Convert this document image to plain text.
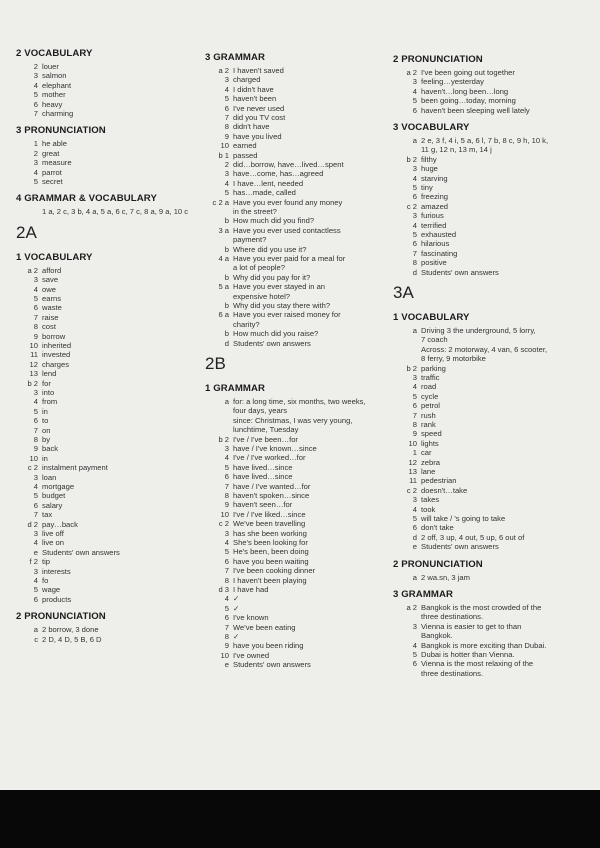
2 VOCABULARY
2 louer
3 salmon
4 elephant
5 mother
6 heavy
7 charming
3 PRONUNCIATION
1 he able
2 great
3 measure
4 parrot
5 secret
4 GRAMMAR & VOCABULARY
1 a, 2 c, 3 b, 4 a, 5 a, 6 c, 7 c, 8 a, 9 a, 10 c
2A
1 VOCABULARY
a 2 afford
3 save
4 owe
5 earns
6 waste
7 raise
8 cost
9 borrow
10 inherited
11 invested
12 charges
13 lend
b 2 for
3 into
4 from
5 in
6 to
7 on
8 by
9 back
10 in
c 2 instalment payment
3 loan
4 mortgage
5 budget
6 salary
7 tax
d 2 pay…back
3 live off
4 live on
e Students' own answers
f 2 tip
3 interests
4 fo
5 wage
6 products
2 PRONUNCIATION
a 2 borrow, 3 done
c 2 D, 4 D, 5 B, 6 D
3 GRAMMAR
a 2 I haven't saved
3 charged
4 I didn't have
5 haven't been
6 I've never used
7 did you TV cost
8 didn't have
9 have you lived
10 earned
b 1 passed
2 did…borrow, have…lived…spent
3 have…come, has…agreed
4 I have…lent, needed
5 has…made, called
c 2 a Have you ever found any money
in the street?
b How much did you find?
3 a Have you ever used contactless
payment?
b Where did you use it?
4 a Have you ever paid for a meal for
a lot of people?
b Why did you pay for it?
5 a Have you ever stayed in an
expensive hotel?
b Why did you stay there with?
6 a Have you ever raised money for
charity?
b How much did you raise?
d Students' own answers
2B
1 GRAMMAR
a for: a long time, six months, two weeks,
four days, years
since: Christmas, I was very young,
lunchtime, Tuesday
b 2 I've / I've been…for
3 have / I've known…since
4 I've / I've worked…for
5 have lived…since
6 have lived…since
7 have / I've wanted…for
8 haven't spoken…since
9 haven't seen…for
10 I've / I've liked…since
c 2 We've been travelling
3 has she been working
4 She's been looking for
5 He's been, been doing
6 have you been waiting
7 I've been cooking dinner
8 I haven't been playing
d 3 I have had
4 ✓
5 ✓
6 I've known
7 We've been eating
8 ✓
9 have you been riding
10 I've owned
e Students' own answers
2 PRONUNCIATION
a 2 I've been going out together
3 feeling…yesterday
4 haven't…long been…long
5 been going…today, morning
6 haven't been sleeping well lately
3 VOCABULARY
a 2 e, 3 f, 4 i, 5 a, 6 l, 7 b, 8 c, 9 h, 10 k,
11 g, 12 n, 13 m, 14 j
b 2 filthy
3 huge
4 starving
5 tiny
6 freezing
c 2 amazed
3 furious
4 terrified
5 exhausted
6 hilarious
7 fascinating
8 positive
d Students' own answers
3A
1 VOCABULARY
a Driving 3 the underground, 5 lorry,
7 coach
Across: 2 motorway, 4 van, 6 scooter,
8 ferry, 9 motorbike
b 2 parking
3 traffic
4 road
5 cycle
6 petrol
7 rush
8 rank
9 speed
10 lights
1 car
12 zebra
13 lane
11 pedestrian
c 2 doesn't…take
3 takes
4 took
5 will take / 's going to take
6 don't take
d 2 off, 3 up, 4 out, 5 up, 6 out of
e Students' own answers
2 PRONUNCIATION
a 2 wa.sn, 3 jam
3 GRAMMAR
a 2 Bangkok is the most crowded of the
three destinations.
3 Vienna is easier to get to than
Bangkok.
4 Bangkok is more exciting than Dubai.
5 Dubai is hotter than Vienna.
6 Vienna is the most relaxing of the
three destinations.
